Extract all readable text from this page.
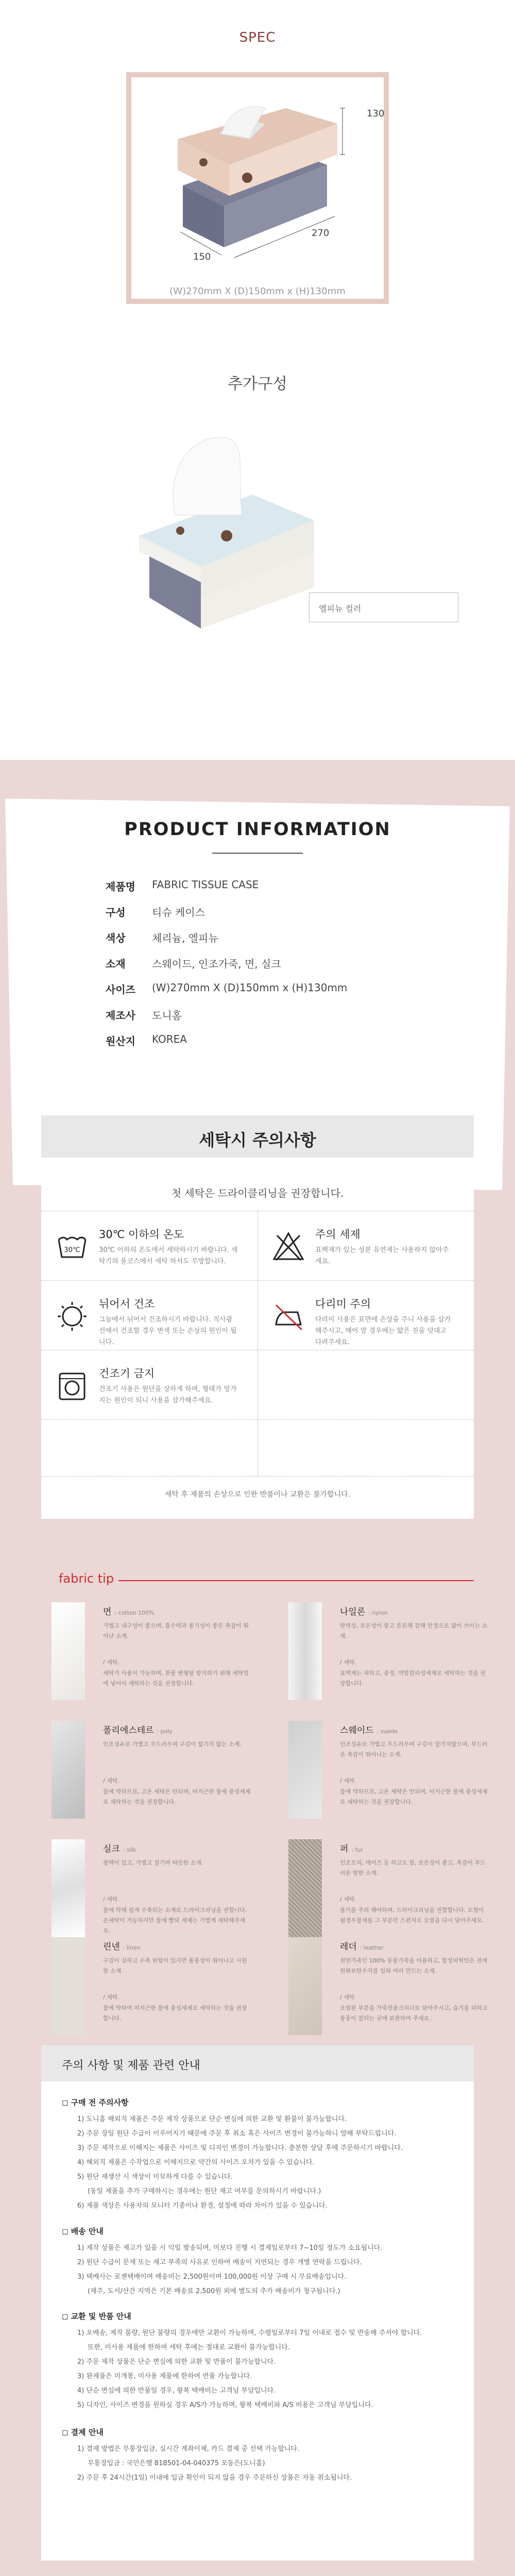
SPEC
130
270
150
(W)270mm X (D)150mm x (H)130mm
추가구성
엘피뉴 컬러
PRODUCT INFORMATION
제품명 FABRIC TISSUE CASE
구성	티슈 케이스
색상	체리늄, 엘피뉴
소재	스웨이드, 인조가죽, 면, 실크
사이즈 (W)270mm X (D)150mm x (H)130mm
제조사 도니홈
원산지 KOREA
세탁시 주의사항
첫 세탁은 드라이클리닝을 권장합니다.
30℃
30℃ 이하의 온도
30℃ 이하의 온도에서 세탁하시기 바랍니다. 세탁기의 울코스에서 세탁 하셔도 무방합니다.
주의 세제
표백제가 있는 성분 유연제는 사용하지 않아주세요.
뉘어서 건조
그늘에서 뉘어서 건조하시기 바랍니다. 직사광선에서 건조할 경우 변색 또는 손상의 원인이 됩니다.
다리미 주의
다리미 사용은 표면에 손상을 주니 사용을 삼가해주시고, 매어 말 경우에는 얇은 천을 덧대고 다려주세요.
건조기 금지
건조기 사용은 원단을 상하게 하며, 형태가 망가지는 원인이 되니 사용을 삼가해주세요.
세탁 후 제품의 손상으로 인한 반품이나 교환은 불가합니다.
fabric tip
면 : cotton 100%
가볍고 내구성이 좋으며, 흡수력과 통기성이 좋은 촉감이 뛰어난 소재.
/ 세탁.
세탁기 사용이 가능하며, 찬물 변형될 방지하기 위해 세탁망에 넣어서 세탁하는 것을 권장합니다.
나일론 : nylon
탄력성, 보온성이 좋고 튼튼해 강해 안정으로 많이 쓰이는 소재.
/ 세탁.
표백제는 피하고, 중성, 약알칼리성세제로 세탁하는 것을 권장합니다.
폴리에스테르 : poly
인조섬유로 가볍고 우드러우며 구김이 없기지 않는 소재.
/ 세탁.
물에 약하므로, 고온 세탁은 안되며, 미지근한 물에 중성세제로 세탁하는 것을 권장합니다.
스웨이드 : suede
인조섬유로 가볍고 우드러우며 구김이 잘가지않으며, 부드러운 촉감이 뛰어나는 소재.
/ 세탁.
물에 약하므로, 고온 세탁은 안되며, 미지근한 물에 중성세제로 세탁하는 것을 권장합니다.
실크 : silk
광택이 있고, 가볍고 질기며 따뜻한 소재.
/ 세탁.
물에 약해 쉽게 수축되는 소재로 드라이크리닝을 권합니다. 손세탁이 가능하지만 물에 빨되 세제는 가볍게 세탁해주세요.
퍼 : fur
인조모피, 에어즈 등 하고도 함, 보온성이 좋고, 촉감이 부드러운 방한 소재.
/ 세탁.
물기를 주의 해야하며, 드라이크리닝을 권합합니다. 오염이 될경우물세를 그 부분만 스펀지로 오염을 다시 닦아주세요.
린넨 : linen
구김이 심하고 수축 위험이 있지만 통풍성이 뛰어나고 시원한 소재.
/ 세탁.
물에 약하여 미지근한 물에 중성세제로 세탁하는 것을 권장합니다.
레더 : leather
천연가죽인 100% 동물가죽을 이용하고, 합성피혁인은 천에 원화보탄수지를 입혀 여러 만드는 소재.
/ 세탁.
오염된 부분을 가죽전용크리너로 닦아주시고, 습기를 피하고 통풍이 잘되는 곳에 보관하여 주세요.
주의 사항 및 제품 관련 안내
◻ 구매 전 주의사항
1) 도니홈 해외직 제품은 주문 제작 상품으로 단순 변심에 의한 교환 및 환불이 불가능합니다.
2) 주문 장일 원단 수급이 이루어지기 때문에 주문 후 취소 혹은 사이즈 변경이 불가능하니 양해 부탁드립니다.
3) 주문 제작으로 이해지는 제품은 사이즈 및 디자인 변경이 가능합니다. 충분한 상담 후에 주문하시기 바랍니다.
4) 해외직 제품은 수작업으로 이해지므로 약간의 사이즈 오차가 있을 수 있습니다.
5) 원단 재생산 시 색상이 미묘하게 다를 수 있습니다.
(동일 제품을 추가 구매하시는 경우에는 원단 재고 여부를 문의하시기 바랍니다.)
6) 제품 색상은 사용자의 모니터 기종이나 환경, 설정에 따라 차이가 있을 수 있습니다.
◻ 배송 안내
1) 제작 상품은 제고가 있을 시 익일 발송되며, 미보다 진행 시 결제일로부터 7~10일 정도가 소요됩니다.
2) 원단 수급이 문제 또는 재고 부족의 사유로 인하여 배송이 지연되는 경우 개별 연락을 드립니다.
3) 택배사는 로젠택배이며 배송비는 2,500원이며 100,000원 이상 구매 시 무료배송입니다.
(제주, 도서/산간 지역은 기본 배송료 2,500원 외에 별도의 추가 배송비가 청구됩니다.)
◻ 교환 및 반품 안내
1) 오배송, 제작 불량, 원단 불량의 경우에만 교환이 가능하며, 수령일로부터 7일 이내로 접수 및 반송해 주셔야 합니다.
또한, 미사용 제품에 한하며 세탁 후에는 절대로 교환이 불가능합니다.
2) 주문 제작 상품은 단순 변심에 의한 교환 및 반품이 불가능합니다.
3) 완제품은 미개봉, 미사용 제품에 한하여 반품 가능합니다.
4) 단순 변심에 의한 반품일 경우, 왕복 택배비는 고객님 부담입니다.
5) 디자인, 사이즈 변경을 원하실 경우 A/S가 가능하며, 왕복 택배비와 A/S 비용은 고객님 부담입니다.
◻ 결제 안내
1) 결제 방법은 무통장입금, 실시간 계좌이체, 카드 결제 중 선택 가능합니다.
무통장입금 : 국민은행 818501-04-040375 오동은(도니홈)
2) 주문 후 24시간(1일) 이내에 입금 확인이 되지 않을 경우 주문하신 상품은 자동 취소됩니다.
